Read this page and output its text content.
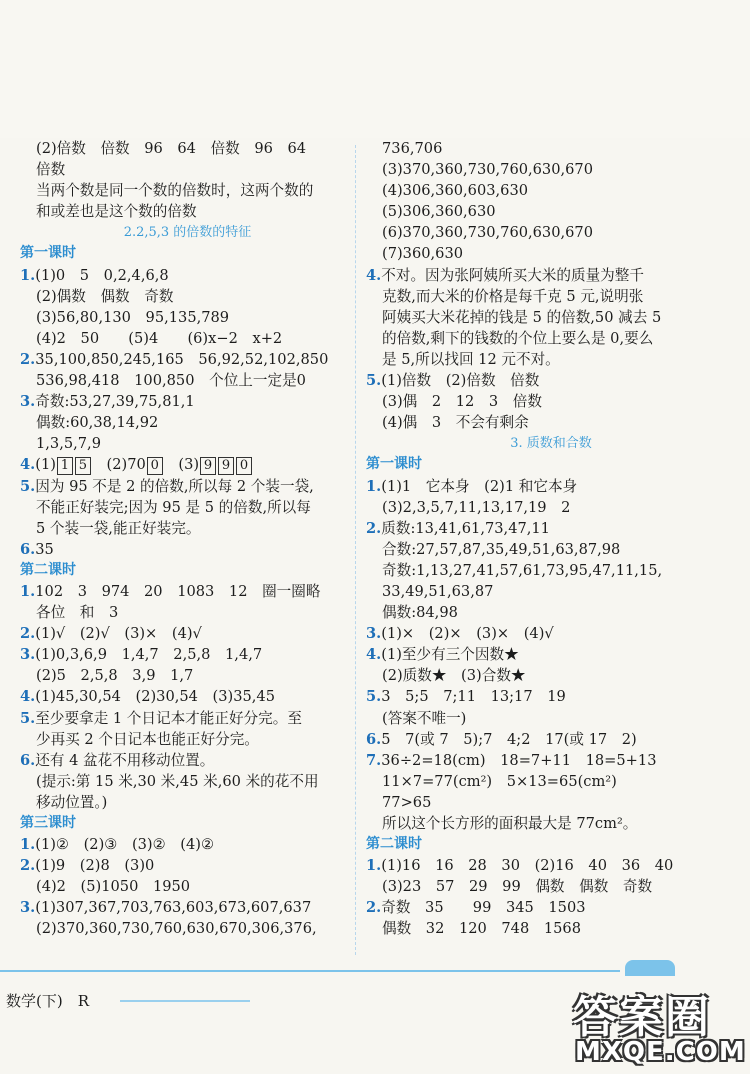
(2)倍数　倍数　96　64　倍数　96　64
倍数
当两个数是同一个数的倍数时，这两个数的
和或差也是这个数的倍数
2.2,5,3 的倍数的特征
第一课时
1.(1)0　5　0,2,4,6,8
(2)偶数　偶数　奇数
(3)56,80,130　95,135,789
(4)2　50　　(5)4　　(6)x−2　x+2
2.35,100,850,245,165　56,92,52,102,850
536,98,418　100,850　个位上一定是0
3.奇数:53,27,39,75,81,1
偶数:60,38,14,92
1,3,5,7,9
4.(1) 1 5　(2)70 0　(3) 9 9 0
5.因为 95 不是 2 的倍数,所以每 2 个装一袋,
不能正好装完;因为 95 是 5 的倍数,所以每
5 个装一袋,能正好装完。
6.35
第二课时
1.102　3　974　20　1083　12　圈一圈略
各位　和　3
2.(1)√　(2)√　(3)×　(4)√
3.(1)0,3,6,9　1,4,7　2,5,8　1,4,7
(2)5　2,5,8　3,9　1,7
4.(1)45,30,54　(2)30,54　(3)35,45
5.至少要拿走 1 个日记本才能正好分完。至
少再买 2 个日记本也能正好分完。
6.还有 4 盆花不用移动位置。
(提示:第 15 米,30 米,45 米,60 米的花不用
移动位置。)
第三课时
1.(1)②　(2)③　(3)②　(4)②
2.(1)9　(2)8　(3)0
(4)2　(5)1050　1950
3.(1)307,367,703,763,603,673,607,637
(2)370,360,730,760,630,670,306,376,
736,706
(3)370,360,730,760,630,670
(4)306,360,603,630
(5)306,360,630
(6)370,360,730,760,630,670
(7)360,630
4.不对。因为张阿姨所买大米的质量为整千
克数,而大米的价格是每千克 5 元,说明张
阿姨买大米花掉的钱是 5 的倍数,50 减去 5
的倍数,剩下的钱数的个位上要么是 0,要么
是 5,所以找回 12 元不对。
5.(1)倍数　(2)倍数　倍数
(3)偶　2　12　3　倍数
(4)偶　3　不会有剩余
3. 质数和合数
第一课时
1.(1)1　它本身　(2)1 和它本身
(3)2,3,5,7,11,13,17,19　2
2.质数:13,41,61,73,47,11
合数:27,57,87,35,49,51,63,87,98
奇数:1,13,27,41,57,61,73,95,47,11,15,
33,49,51,63,87
偶数:84,98
3.(1)×　(2)×　(3)×　(4)√
4.(1)至少有三个因数★
(2)质数★　(3)合数★
5.3　5;5　7;11　13;17　19
(答案不唯一)
6.5　7(或 7　5);7　4;2　17(或 17　2)
7.36÷2=18(cm)　18=7+11　18=5+13
11×7=77(cm²)　5×13=65(cm²)
77>65
所以这个长方形的面积最大是 77cm²。
第二课时
1.(1)16　16　28　30　(2)16　40　36　40
(3)23　57　29　99　偶数　偶数　奇数
2.奇数　35　　99　345　1503
偶数　32　120　748　1568
数学(下)　R	答案圈
MXQE.COM
